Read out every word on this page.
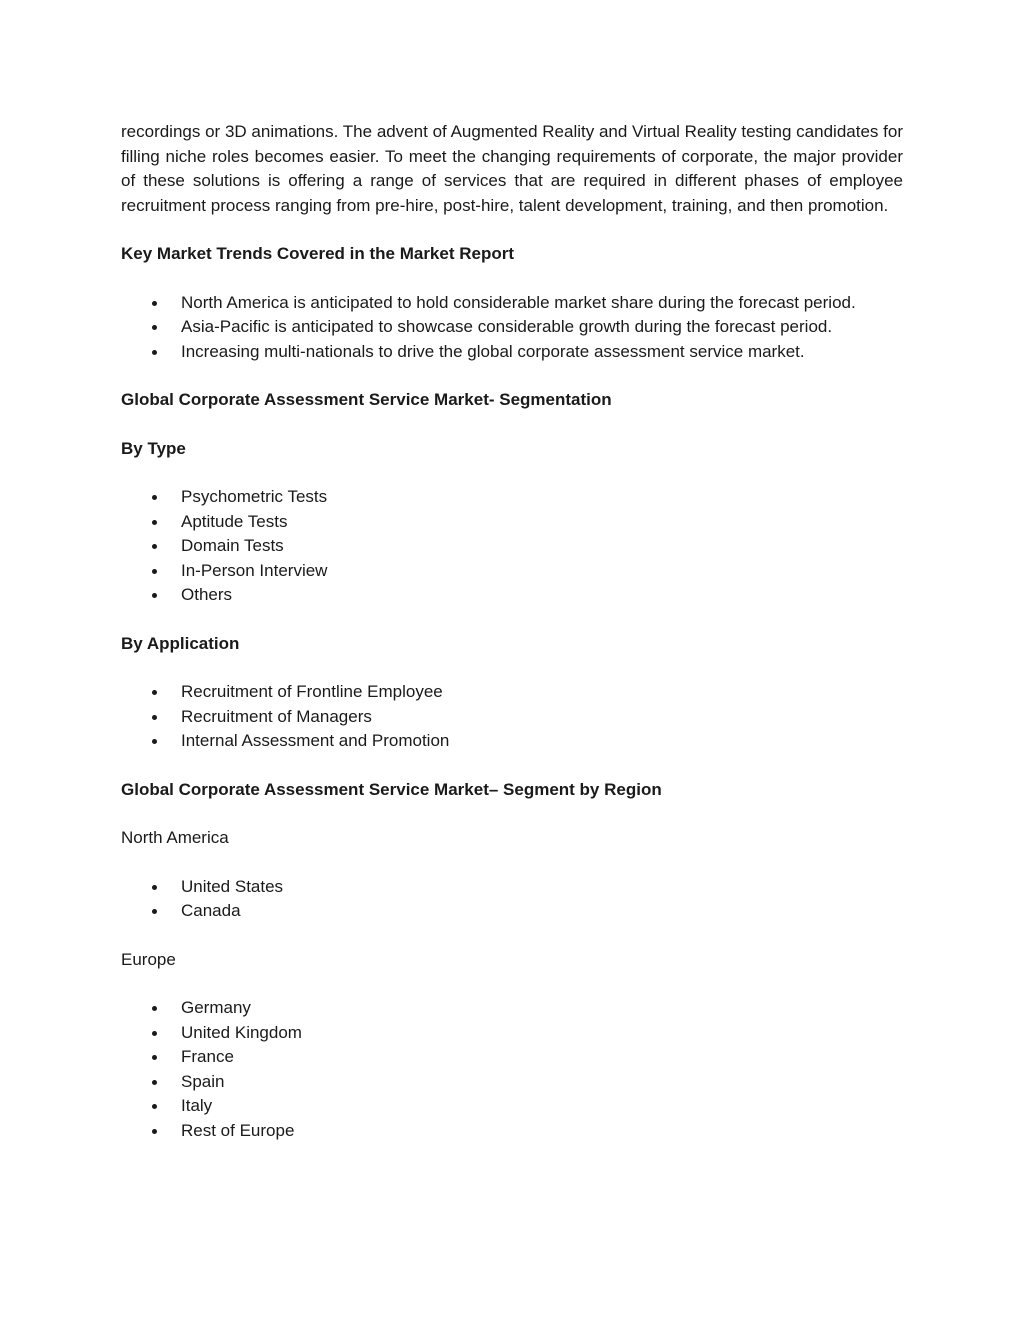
recordings or 3D animations. The advent of Augmented Reality and Virtual Reality testing candidates for filling niche roles becomes easier. To meet the changing requirements of corporate, the major provider of these solutions is offering a range of services that are required in different phases of employee recruitment process ranging from pre-hire, post-hire, talent development, training, and then promotion.

Key Market Trends Covered in the Market Report

North America is anticipated to hold considerable market share during the forecast period.
Asia-Pacific is anticipated to showcase considerable growth during the forecast period.
Increasing multi-nationals to drive the global corporate assessment service market.

Global Corporate Assessment Service Market- Segmentation

By Type

Psychometric Tests
Aptitude Tests
Domain Tests
In-Person Interview
Others

By Application

Recruitment of Frontline Employee
Recruitment of Managers
Internal Assessment and Promotion

Global Corporate Assessment Service Market– Segment by Region

North America

United States
Canada

Europe

Germany
United Kingdom
France
Spain
Italy
Rest of Europe
